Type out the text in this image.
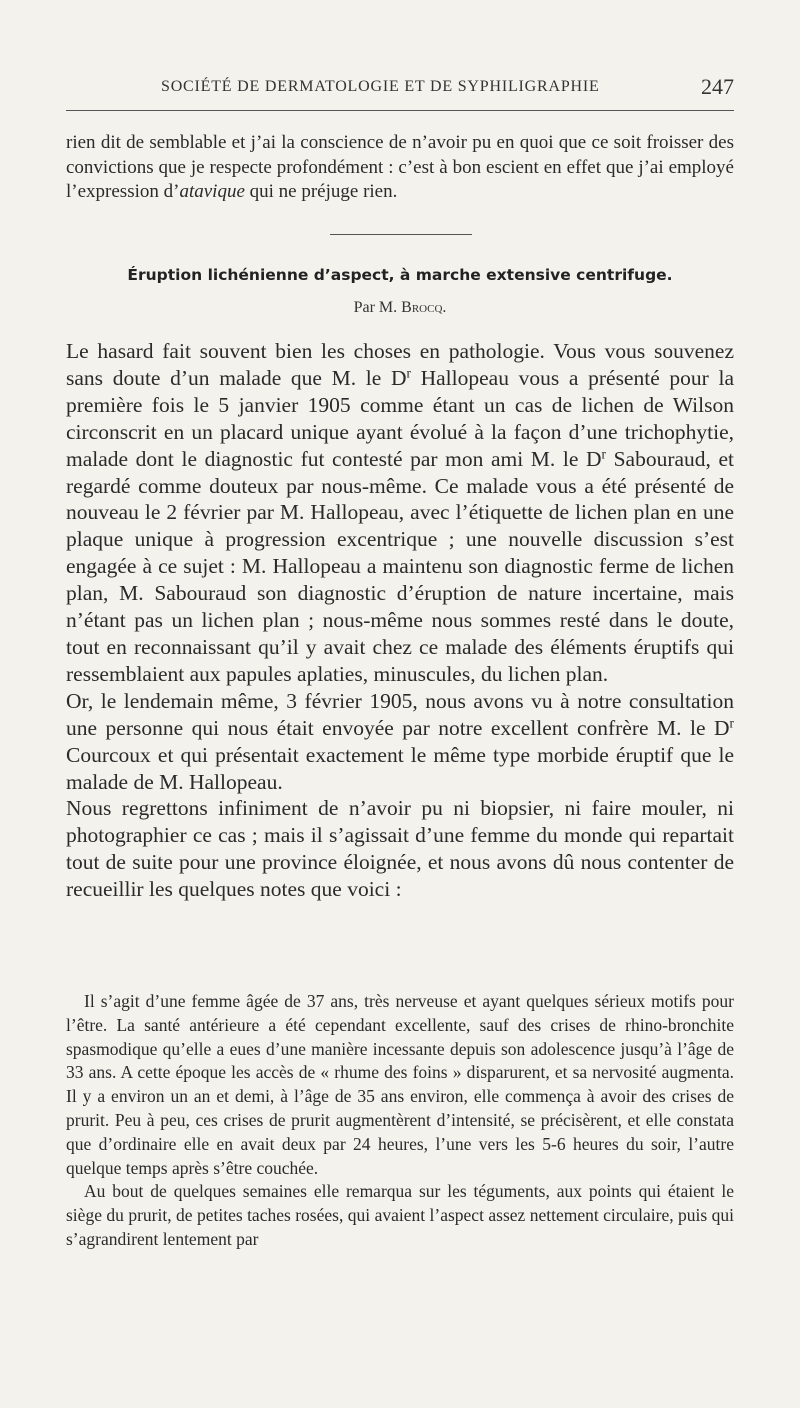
SOCIÉTÉ DE DERMATOLOGIE ET DE SYPHILIGRAPHIE	247

rien dit de semblable et j’ai la conscience de n’avoir pu en quoi que ce soit froisser des convictions que je respecte profondément : c’est à bon escient en effet que j’ai employé l’expression d’atavique qui ne préjuge rien.

Éruption lichénienne d’aspect, à marche extensive centrifuge.
Par M. Brocq.

Le hasard fait souvent bien les choses en pathologie. Vous vous souvenez sans doute d’un malade que M. le $D^r$ Hallopeau vous a présenté pour la première fois le 5 janvier 1905 comme étant un cas de lichen de Wilson circonscrit en un placard unique ayant évolué à la façon d’une trichophytie, malade dont le diagnostic fut contesté par mon ami M. le $D^r$ Sabouraud, et regardé comme douteux par nous-même. Ce malade vous a été présenté de nouveau le 2 février par M. Hallopeau, avec l’étiquette de lichen plan en une plaque unique à progression excentrique ; une nouvelle discussion s’est engagée à ce sujet : M. Hallopeau a maintenu son diagnostic ferme de lichen plan, M. Sabouraud son diagnostic d’éruption de nature incertaine, mais n’étant pas un lichen plan ; nous-même nous sommes resté dans le doute, tout en reconnaissant qu’il y avait chez ce malade des éléments éruptifs qui ressemblaient aux papules aplaties, minuscules, du lichen plan.

Or, le lendemain même, 3 février 1905, nous avons vu à notre consultation une personne qui nous était envoyée par notre excellent confrère M. le $D^r$ Courcoux et qui présentait exactement le même type morbide éruptif que le malade de M. Hallopeau.

Nous regrettons infiniment de n’avoir pu ni biopsier, ni faire mouler, ni photographier ce cas ; mais il s’agissait d’une femme du monde qui repartait tout de suite pour une province éloignée, et nous avons dû nous contenter de recueillir les quelques notes que voici :

Il s’agit d’une femme âgée de 37 ans, très nerveuse et ayant quelques sérieux motifs pour l’être. La santé antérieure a été cependant excellente, sauf des crises de rhino-bronchite spasmodique qu’elle a eues d’une manière incessante depuis son adolescence jusqu’à l’âge de 33 ans. A cette époque les accès de « rhume des foins » disparurent, et sa nervosité augmenta. Il y a environ un an et demi, à l’âge de 35 ans environ, elle commença à avoir des crises de prurit. Peu à peu, ces crises de prurit augmentèrent d’intensité, se précisèrent, et elle constata que d’ordinaire elle en avait deux par 24 heures, l’une vers les 5-6 heures du soir, l’autre quelque temps après s’être couchée.

Au bout de quelques semaines elle remarqua sur les téguments, aux points qui étaient le siège du prurit, de petites taches rosées, qui avaient l’aspect assez nettement circulaire, puis qui s’agrandirent lentement par
